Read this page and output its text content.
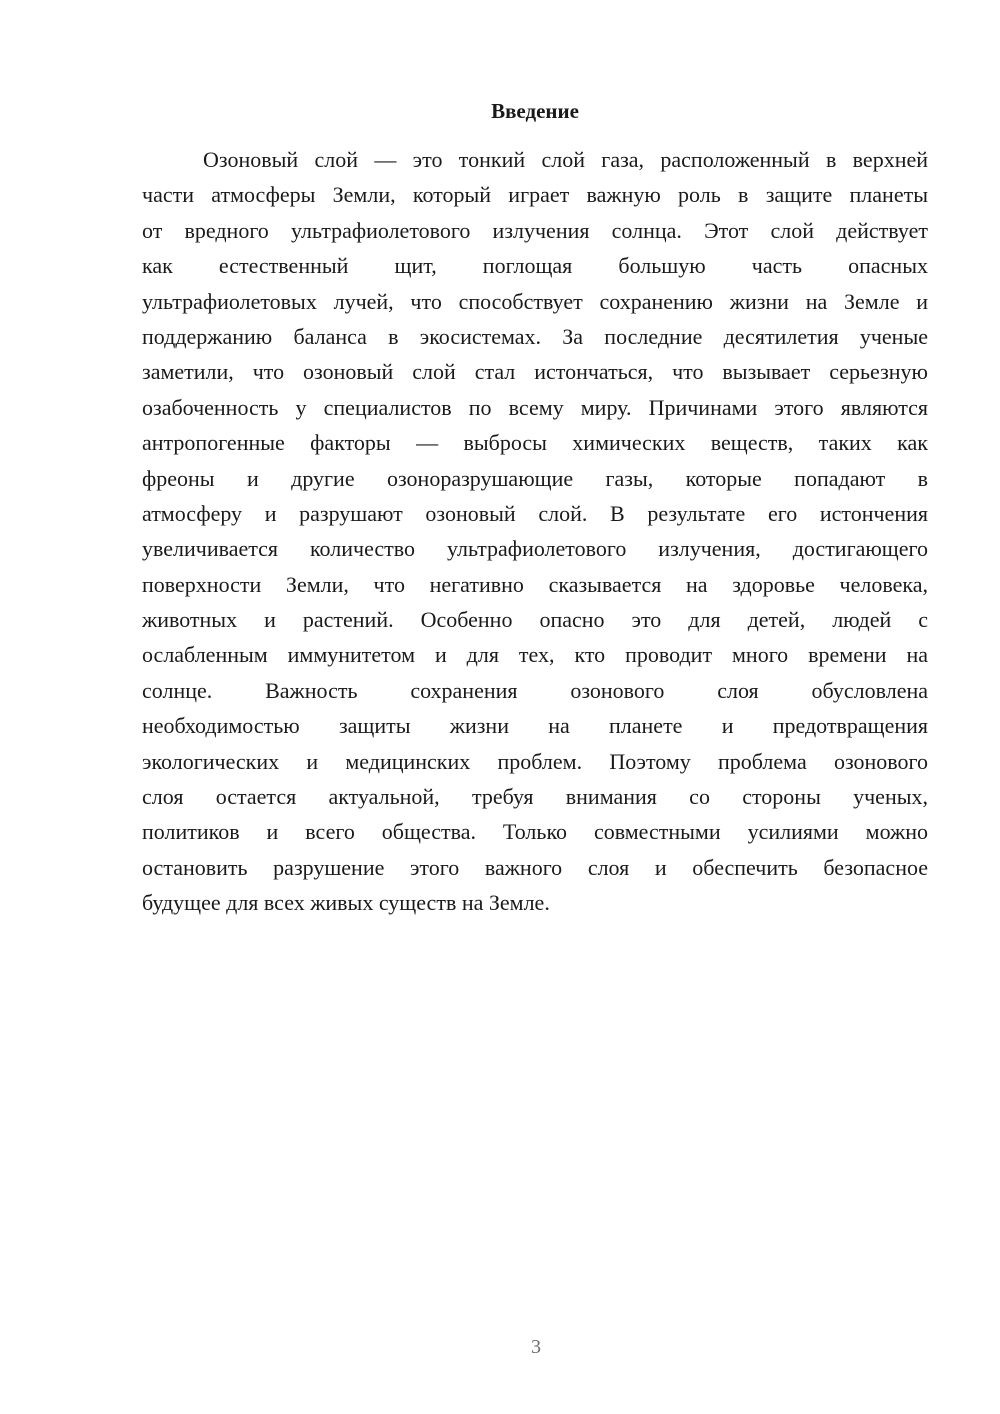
Введение
Озоновый слой — это тонкий слой газа, расположенный в верхней
части атмосферы Земли, который играет важную роль в защите планеты
от вредного ультрафиолетового излучения солнца. Этот слой действует
как естественный щит, поглощая большую часть опасных
ультрафиолетовых лучей, что способствует сохранению жизни на Земле и
поддержанию баланса в экосистемах. За последние десятилетия ученые
заметили, что озоновый слой стал истончаться, что вызывает серьезную
озабоченность у специалистов по всему миру. Причинами этого являются
антропогенные факторы — выбросы химических веществ, таких как
фреоны и другие озоноразрушающие газы, которые попадают в
атмосферу и разрушают озоновый слой. В результате его истончения
увеличивается количество ультрафиолетового излучения, достигающего
поверхности Земли, что негативно сказывается на здоровье человека,
животных и растений. Особенно опасно это для детей, людей с
ослабленным иммунитетом и для тех, кто проводит много времени на
солнце. Важность сохранения озонового слоя обусловлена
необходимостью защиты жизни на планете и предотвращения
экологических и медицинских проблем. Поэтому проблема озонового
слоя остается актуальной, требуя внимания со стороны ученых,
политиков и всего общества. Только совместными усилиями можно
остановить разрушение этого важного слоя и обеспечить безопасное
будущее для всех живых существ на Земле.
3
